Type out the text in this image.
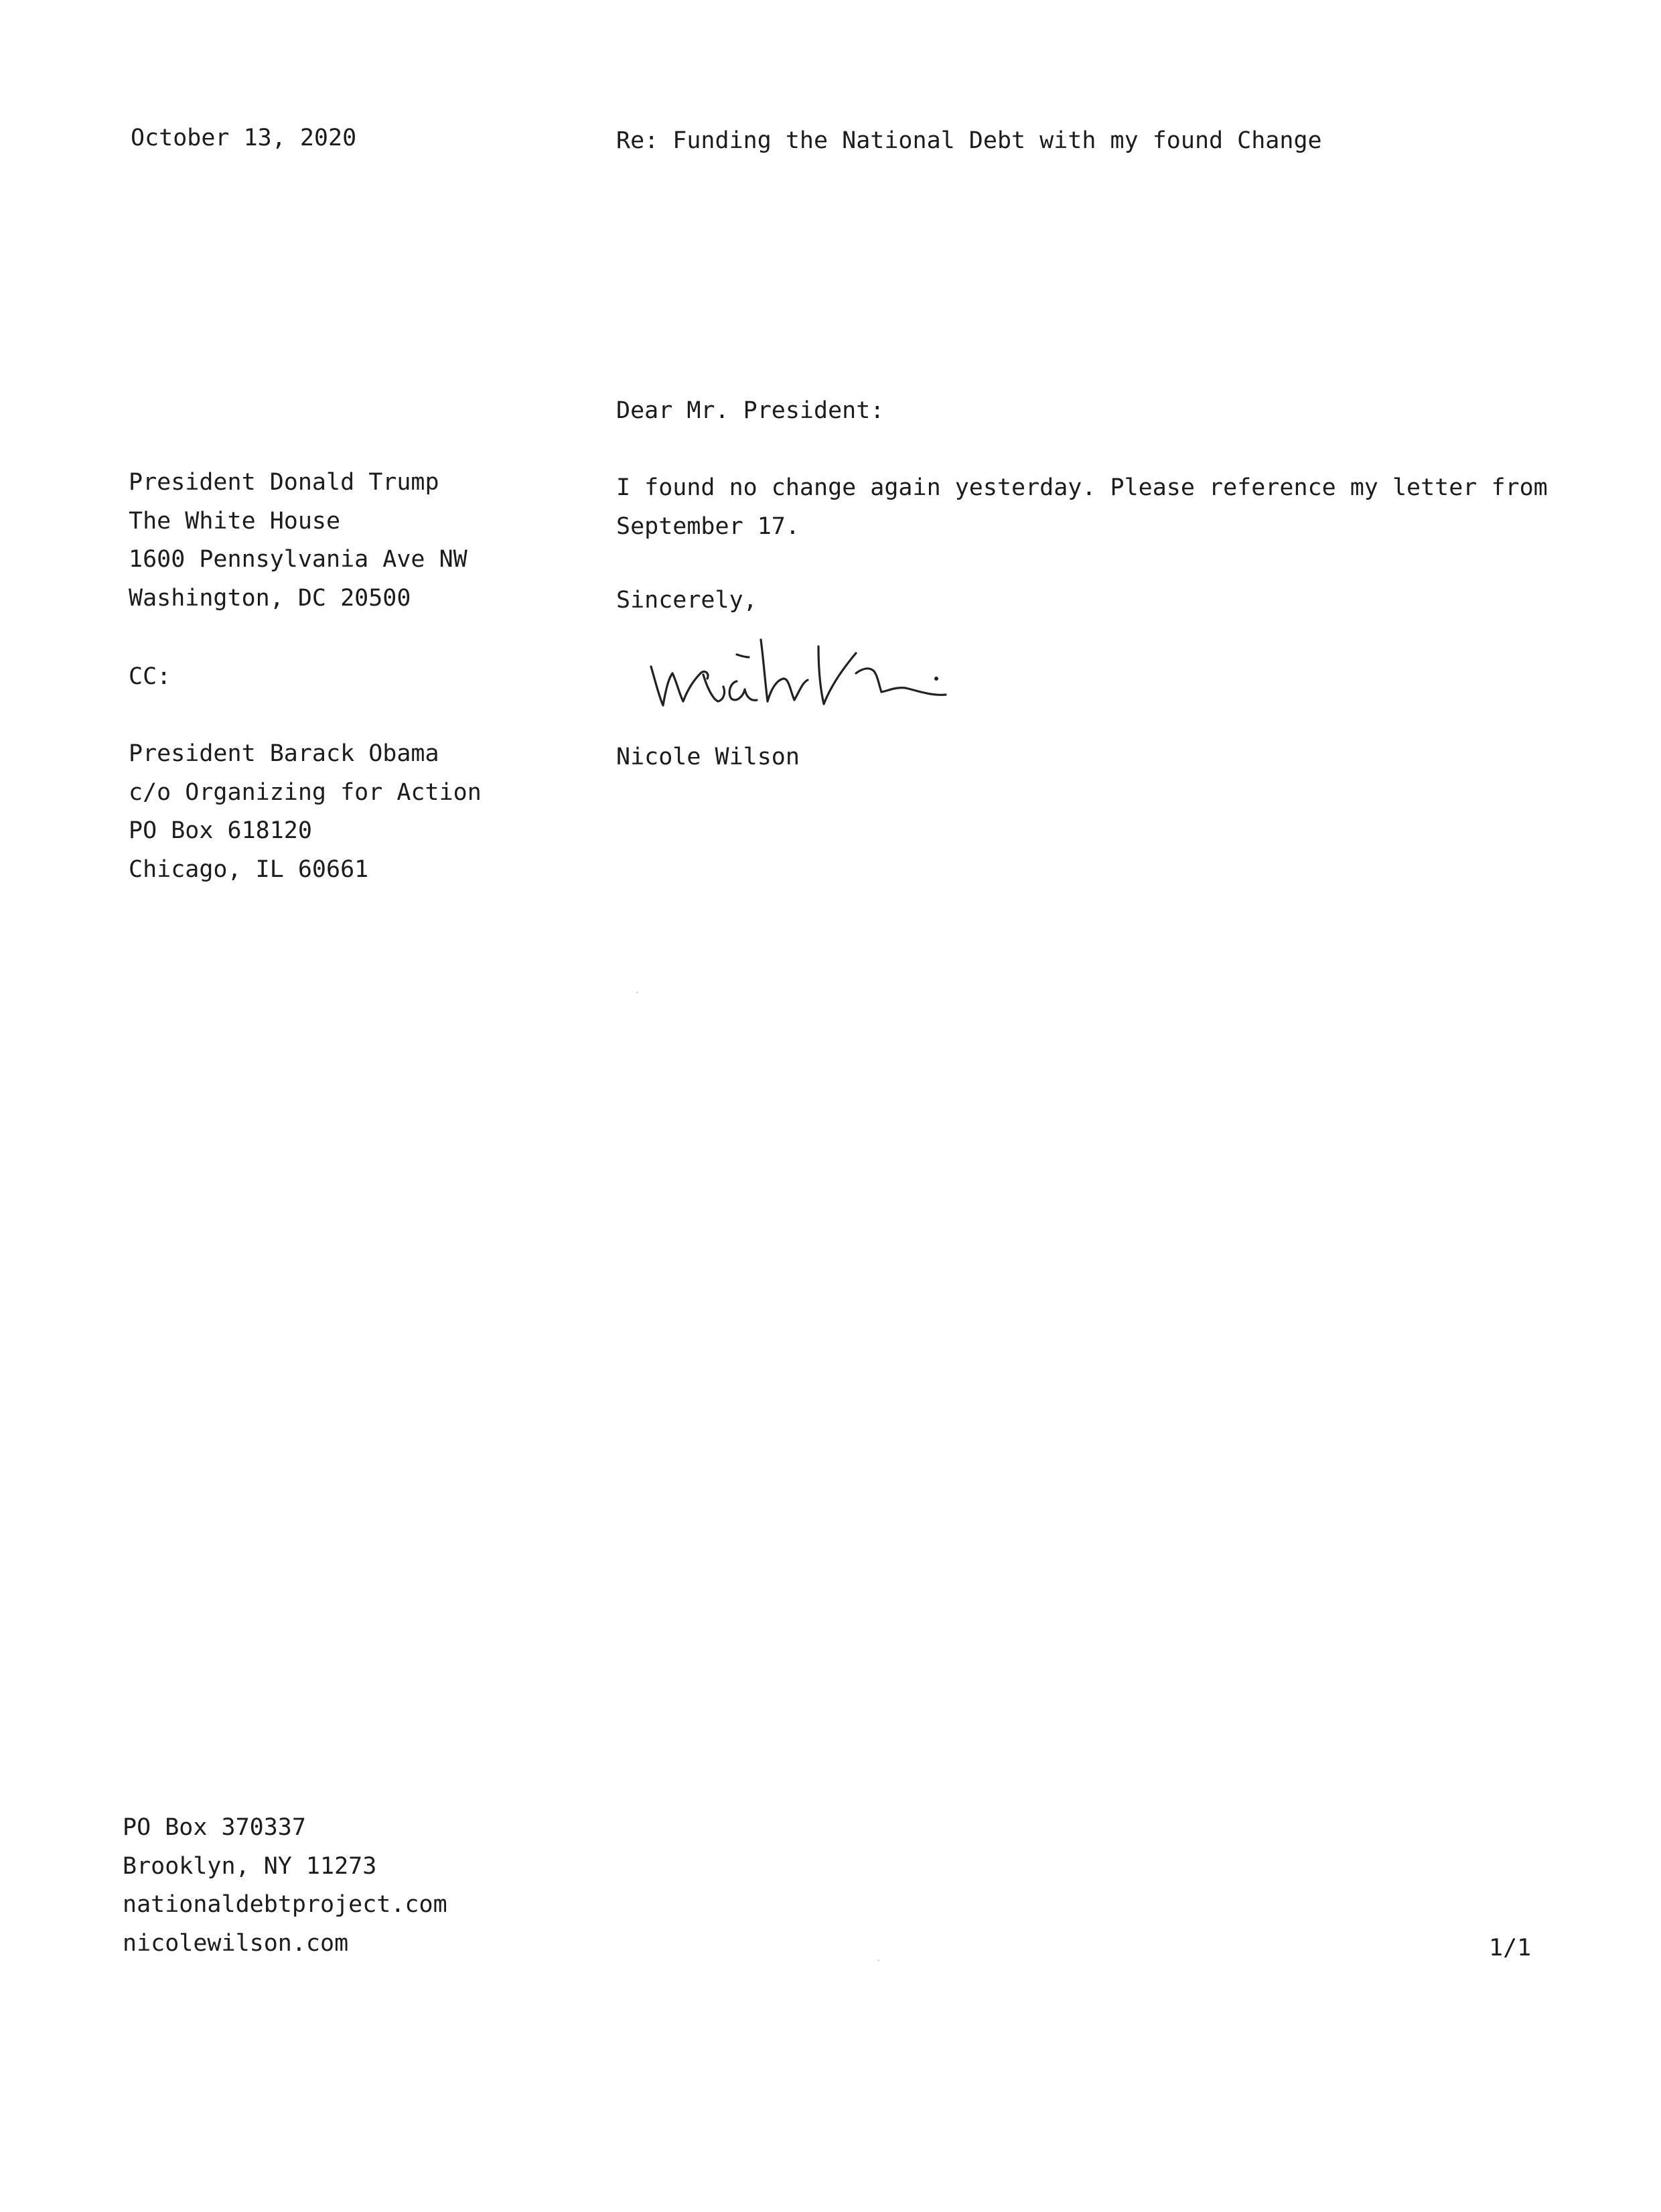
October 13, 2020	Re: Funding the National Debt with my found Change
Dear Mr. President:
President Donald Trump
The White House
1600 Pennsylvania Ave NW
Washington, DC 20500
CC:
President Barack Obama
c/o Organizing for Action
PO Box 618120
Chicago, IL 60661
I found no change again yesterday. Please reference my letter from
September 17.
Sincerely,
Nicole Wilson
PO Box 370337
Brooklyn, NY 11273
nationaldebtproject.com
nicolewilson.com	1/1
